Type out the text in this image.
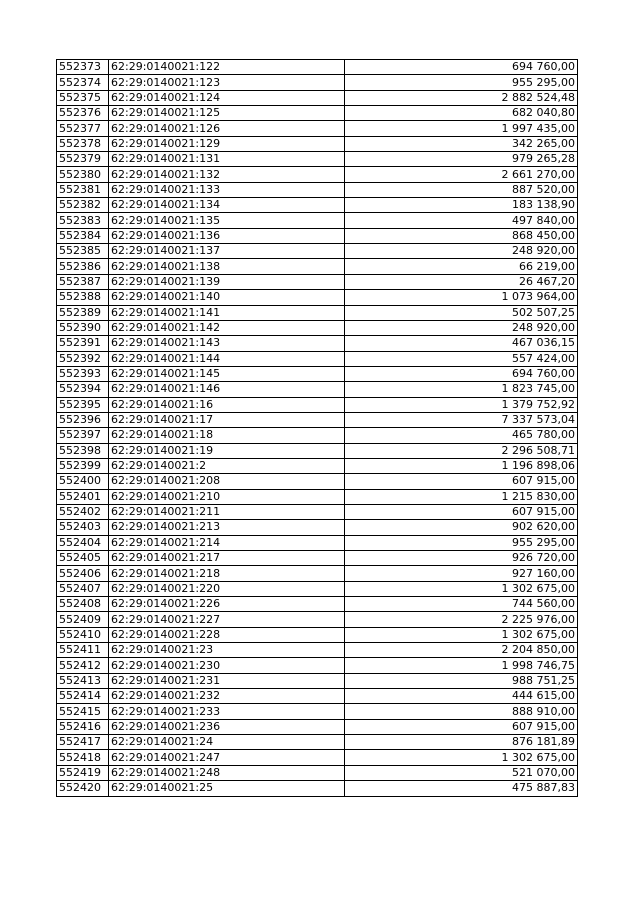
552373	62:29:0140021:122	694 760,00
552374	62:29:0140021:123	955 295,00
552375	62:29:0140021:124	2 882 524,48
552376	62:29:0140021:125	682 040,80
552377	62:29:0140021:126	1 997 435,00
552378	62:29:0140021:129	342 265,00
552379	62:29:0140021:131	979 265,28
552380	62:29:0140021:132	2 661 270,00
552381	62:29:0140021:133	887 520,00
552382	62:29:0140021:134	183 138,90
552383	62:29:0140021:135	497 840,00
552384	62:29:0140021:136	868 450,00
552385	62:29:0140021:137	248 920,00
552386	62:29:0140021:138	66 219,00
552387	62:29:0140021:139	26 467,20
552388	62:29:0140021:140	1 073 964,00
552389	62:29:0140021:141	502 507,25
552390	62:29:0140021:142	248 920,00
552391	62:29:0140021:143	467 036,15
552392	62:29:0140021:144	557 424,00
552393	62:29:0140021:145	694 760,00
552394	62:29:0140021:146	1 823 745,00
552395	62:29:0140021:16	1 379 752,92
552396	62:29:0140021:17	7 337 573,04
552397	62:29:0140021:18	465 780,00
552398	62:29:0140021:19	2 296 508,71
552399	62:29:0140021:2	1 196 898,06
552400	62:29:0140021:208	607 915,00
552401	62:29:0140021:210	1 215 830,00
552402	62:29:0140021:211	607 915,00
552403	62:29:0140021:213	902 620,00
552404	62:29:0140021:214	955 295,00
552405	62:29:0140021:217	926 720,00
552406	62:29:0140021:218	927 160,00
552407	62:29:0140021:220	1 302 675,00
552408	62:29:0140021:226	744 560,00
552409	62:29:0140021:227	2 225 976,00
552410	62:29:0140021:228	1 302 675,00
552411	62:29:0140021:23	2 204 850,00
552412	62:29:0140021:230	1 998 746,75
552413	62:29:0140021:231	988 751,25
552414	62:29:0140021:232	444 615,00
552415	62:29:0140021:233	888 910,00
552416	62:29:0140021:236	607 915,00
552417	62:29:0140021:24	876 181,89
552418	62:29:0140021:247	1 302 675,00
552419	62:29:0140021:248	521 070,00
552420	62:29:0140021:25	475 887,83
